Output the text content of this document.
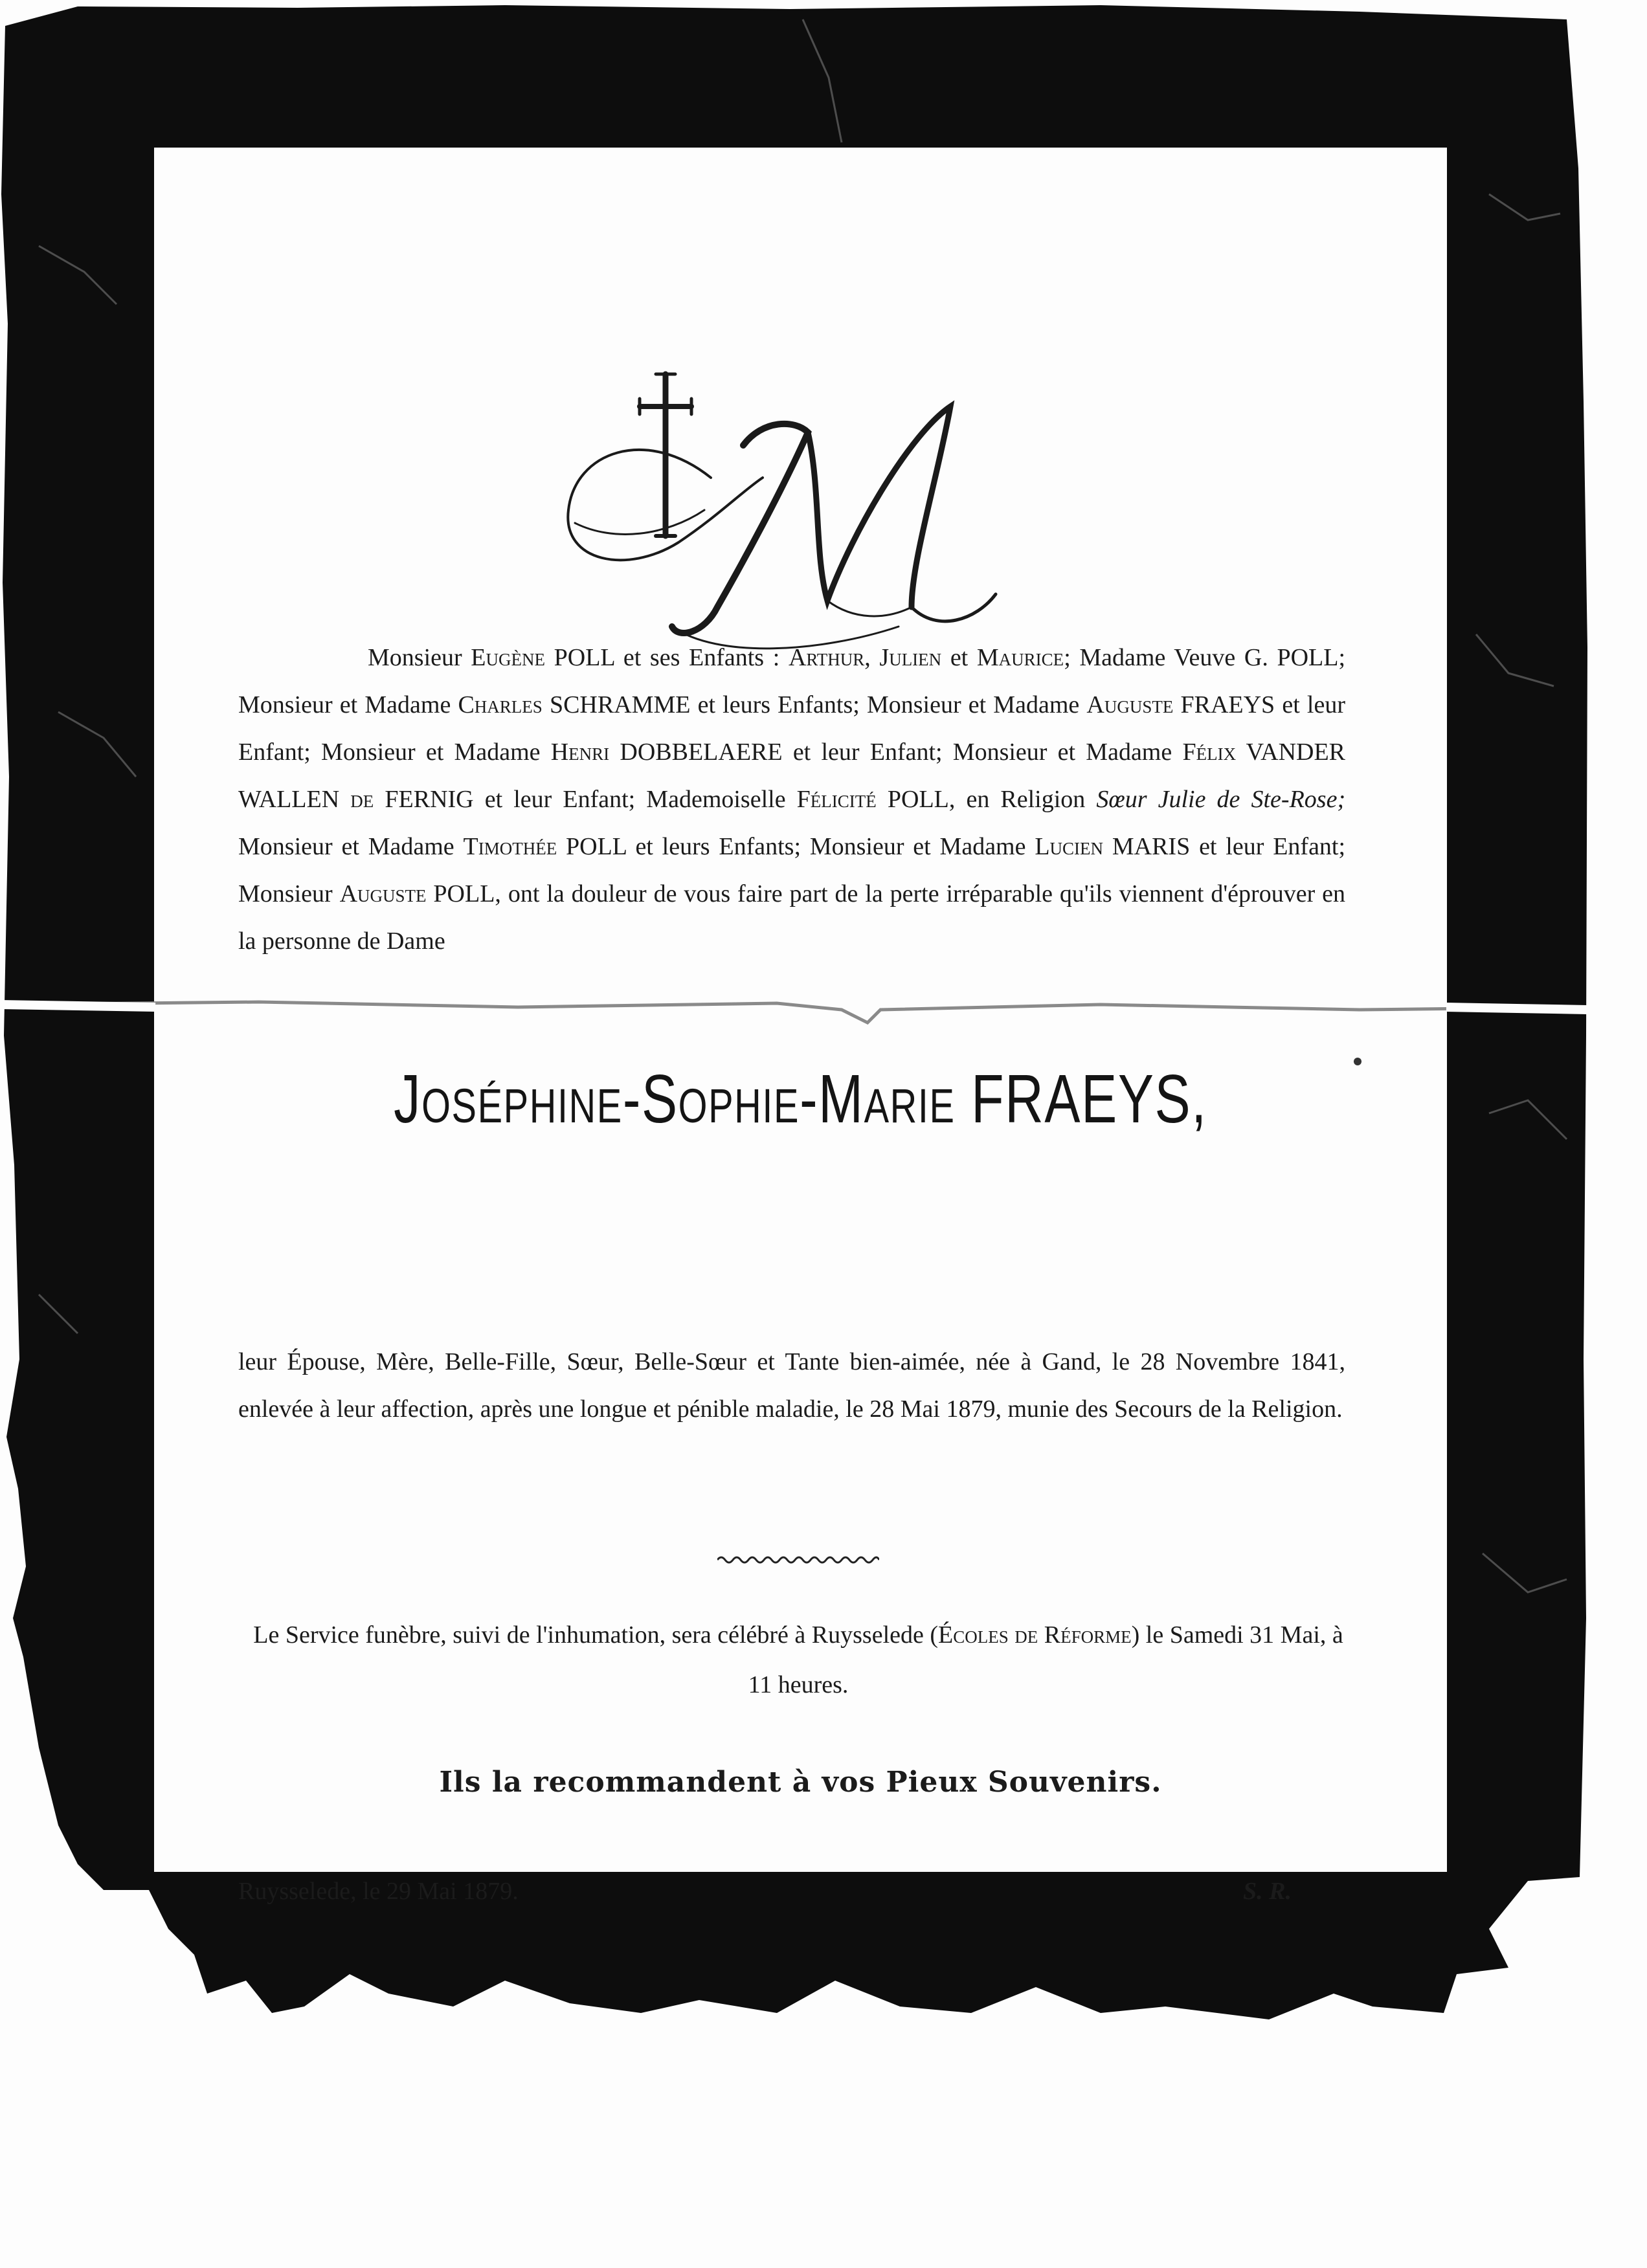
Monsieur Eugène POLL et ses Enfants : Arthur, Julien et Maurice; Madame Veuve G. POLL; Monsieur et Madame Charles SCHRAMME et leurs Enfants; Monsieur et Madame Auguste FRAEYS et leur Enfant; Monsieur et Madame Henri DOBBELAERE et leur Enfant; Monsieur et Madame Félix VANDER WALLEN de FERNIG et leur Enfant; Mademoiselle Félicité POLL, en Religion Sœur Julie de Ste-Rose; Monsieur et Madame Timothée POLL et leurs Enfants; Monsieur et Madame Lucien MARIS et leur Enfant; Monsieur Auguste POLL, ont la douleur de vous faire part de la perte irréparable qu'ils viennent d'éprouver en la personne de Dame

Joséphine-Sophie-Marie FRAEYS,

leur Épouse, Mère, Belle-Fille, Sœur, Belle-Sœur et Tante bien-aimée, née à Gand, le 28 Novembre 1841, enlevée à leur affection, après une longue et pénible maladie, le 28 Mai 1879, munie des Secours de la Religion.

Le Service funèbre, suivi de l'inhumation, sera célébré à Ruysselede (Écoles de Réforme) le Samedi 31 Mai, à 11 heures.

Ils la recommandent à vos Pieux Souvenirs.

Ruysselede, le 29 Mai 1879.	S. R.
